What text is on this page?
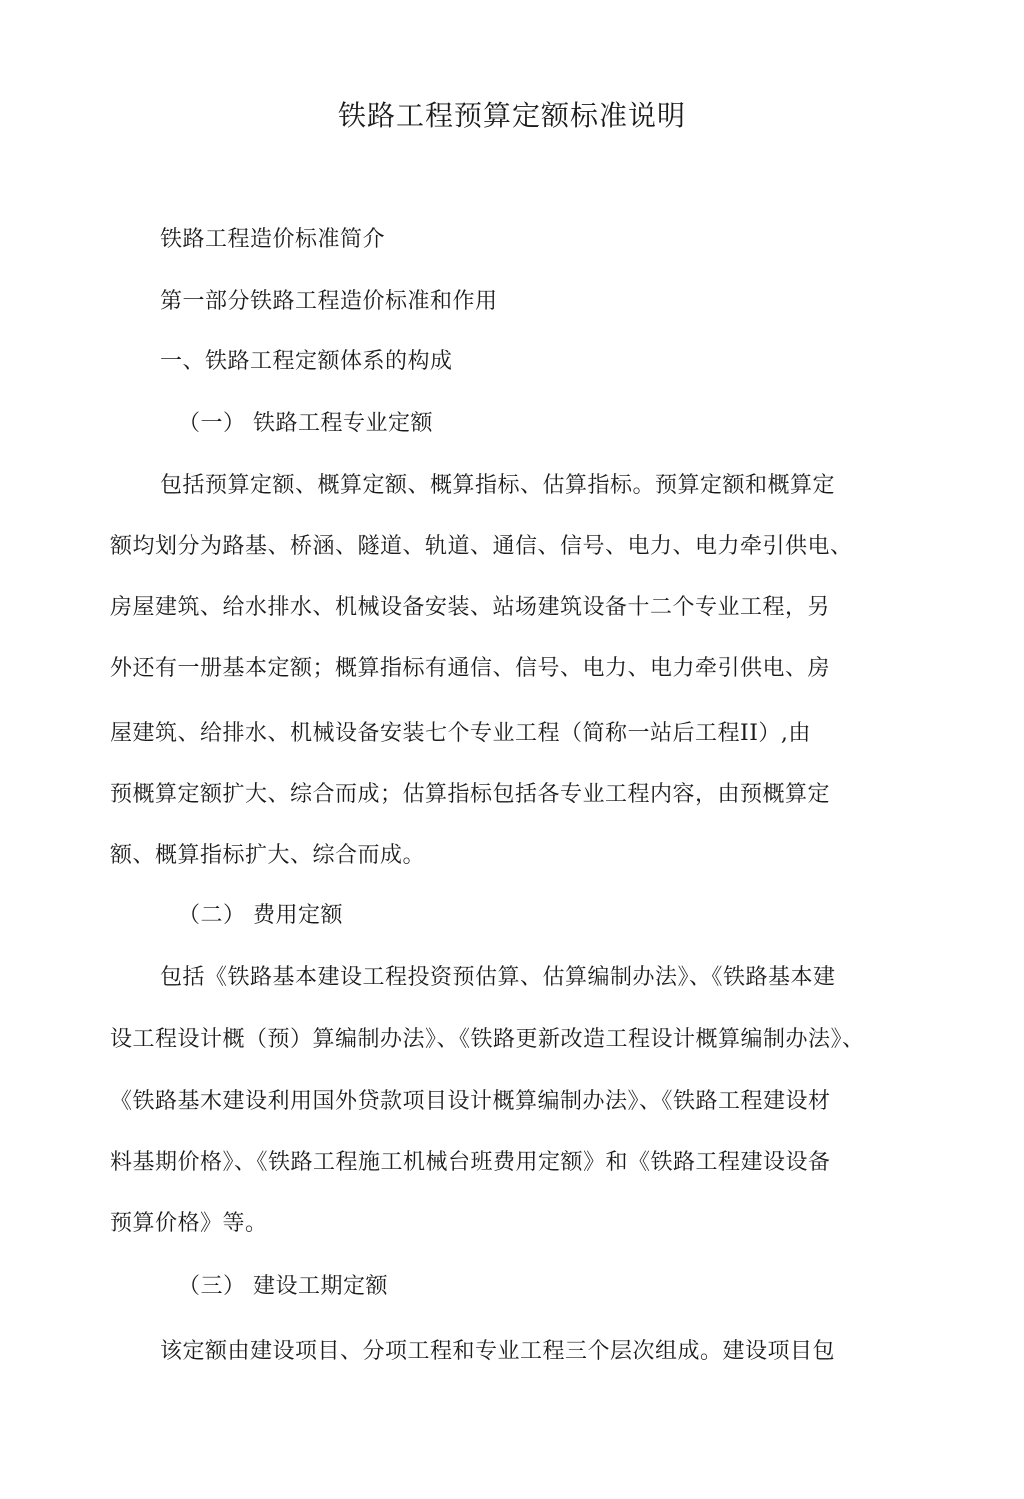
铁路工程预算定额标准说明
铁路工程造价标准简介
第一部分铁路工程造价标准和作用
一、铁路工程定额体系的构成
（一） 铁路工程专业定额
包括预算定额、概算定额、概算指标、估算指标。预算定额和概算定
额均划分为路基、桥涵、隧道、轨道、通信、信号、电力、电力牵引供电、
房屋建筑、给水排水、机械设备安装、站场建筑设备十二个专业工程，另
外还有一册基本定额；概算指标有通信、信号、电力、电力牵引供电、房
屋建筑、给排水、机械设备安装七个专业工程（简称一站后工程II）,由
预概算定额扩大、综合而成；估算指标包括各专业工程内容，由预概算定
额、概算指标扩大、综合而成。
（二） 费用定额
包括《铁路基本建设工程投资预估算、估算编制办法》、《铁路基本建
设工程设计概（预）算编制办法》、《铁路更新改造工程设计概算编制办法》、
《铁路基木建设利用国外贷款项目设计概算编制办法》、《铁路工程建设材
料基期价格》、《铁路工程施工机械台班费用定额》和《铁路工程建设设备
预算价格》等。
（三） 建设工期定额
该定额由建设项目、分项工程和专业工程三个层次组成。建设项目包
